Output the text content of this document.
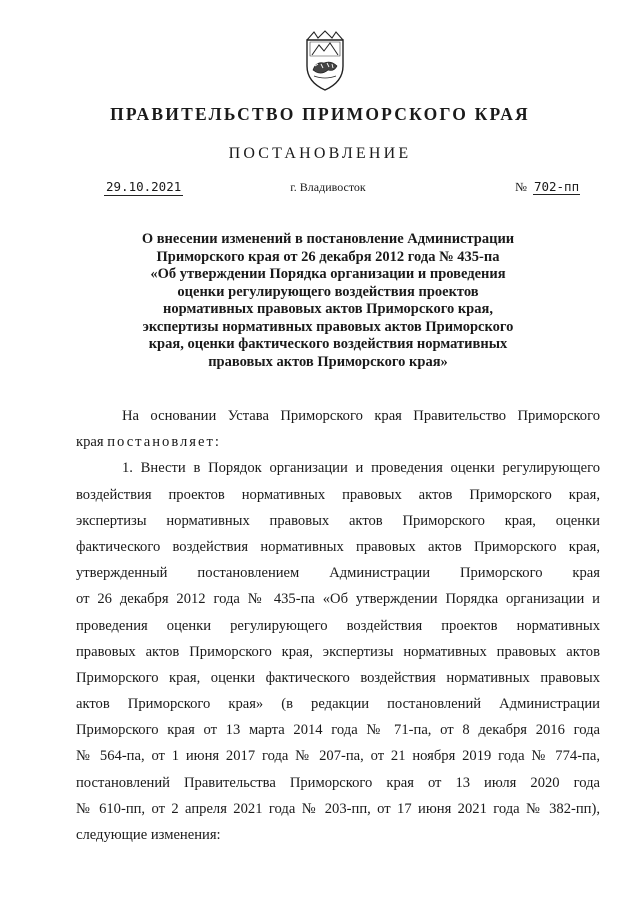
ПРАВИТЕЛЬСТВО ПРИМОРСКОГО КРАЯ
ПОСТАНОВЛЕНИЕ
29.10.2021	г. Владивосток	№ 702-пп
О внесении изменений в постановление Администрации
Приморского края от 26 декабря 2012 года № 435-па
«Об утверждении Порядка организации и проведения
оценки регулирующего воздействия проектов
нормативных правовых актов Приморского края,
экспертизы нормативных правовых актов Приморского
края, оценки фактического воздействия нормативных
правовых актов Приморского края»
На основании Устава Приморского края Правительство Приморского
края постановляет:
1. Внести в Порядок организации и проведения оценки регулирующего
воздействия проектов нормативных правовых актов Приморского края,
экспертизы нормативных правовых актов Приморского края, оценки
фактического воздействия нормативных правовых актов Приморского края,
утвержденный постановлением Администрации Приморского края
от 26 декабря 2012 года № 435-па «Об утверждении Порядка организации и
проведения оценки регулирующего воздействия проектов нормативных
правовых актов Приморского края, экспертизы нормативных правовых актов
Приморского края, оценки фактического воздействия нормативных правовых
актов Приморского края» (в редакции постановлений Администрации
Приморского края от 13 марта 2014 года № 71-па, от 8 декабря 2016 года
№ 564-па, от 1 июня 2017 года № 207-па, от 21 ноября 2019 года № 774-па,
постановлений Правительства Приморского края от 13 июля 2020 года
№ 610-пп, от 2 апреля 2021 года № 203-пп, от 17 июня 2021 года № 382-пп),
следующие изменения:
